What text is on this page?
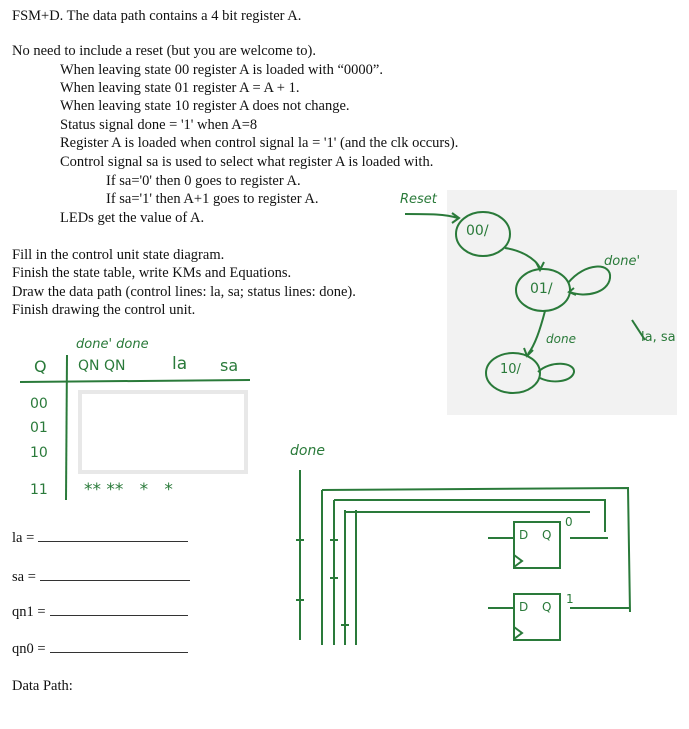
FSM+D. The data path contains a 4 bit register A.
No need to include a reset (but you are welcome to).
When leaving state 00 register A is loaded with “0000”.
When leaving state 01 register A = A + 1.
When leaving state 10 register A does not change.
Status signal done = '1' when A=8
Register A is loaded when control signal la = '1' (and the clk occurs).
Control signal sa is used to select what register A is loaded with.
If sa='0' then 0 goes to register A.
If sa='1' then A+1 goes to register A.
LEDs get the value of A.
Fill in the control unit state diagram.
Finish the state table, write KMs and Equations.
Draw the data path (control lines: la, sa; status lines: done).
Finish drawing the control unit.
la =
sa =
qn1 =
qn0 =
Data Path:
Reset
00/
01/
10/
done'
done	la, sa
done' done
Q QN QN	la sa
00
01
10
11 ** **   *   *
done
D Q
0
D Q
1
